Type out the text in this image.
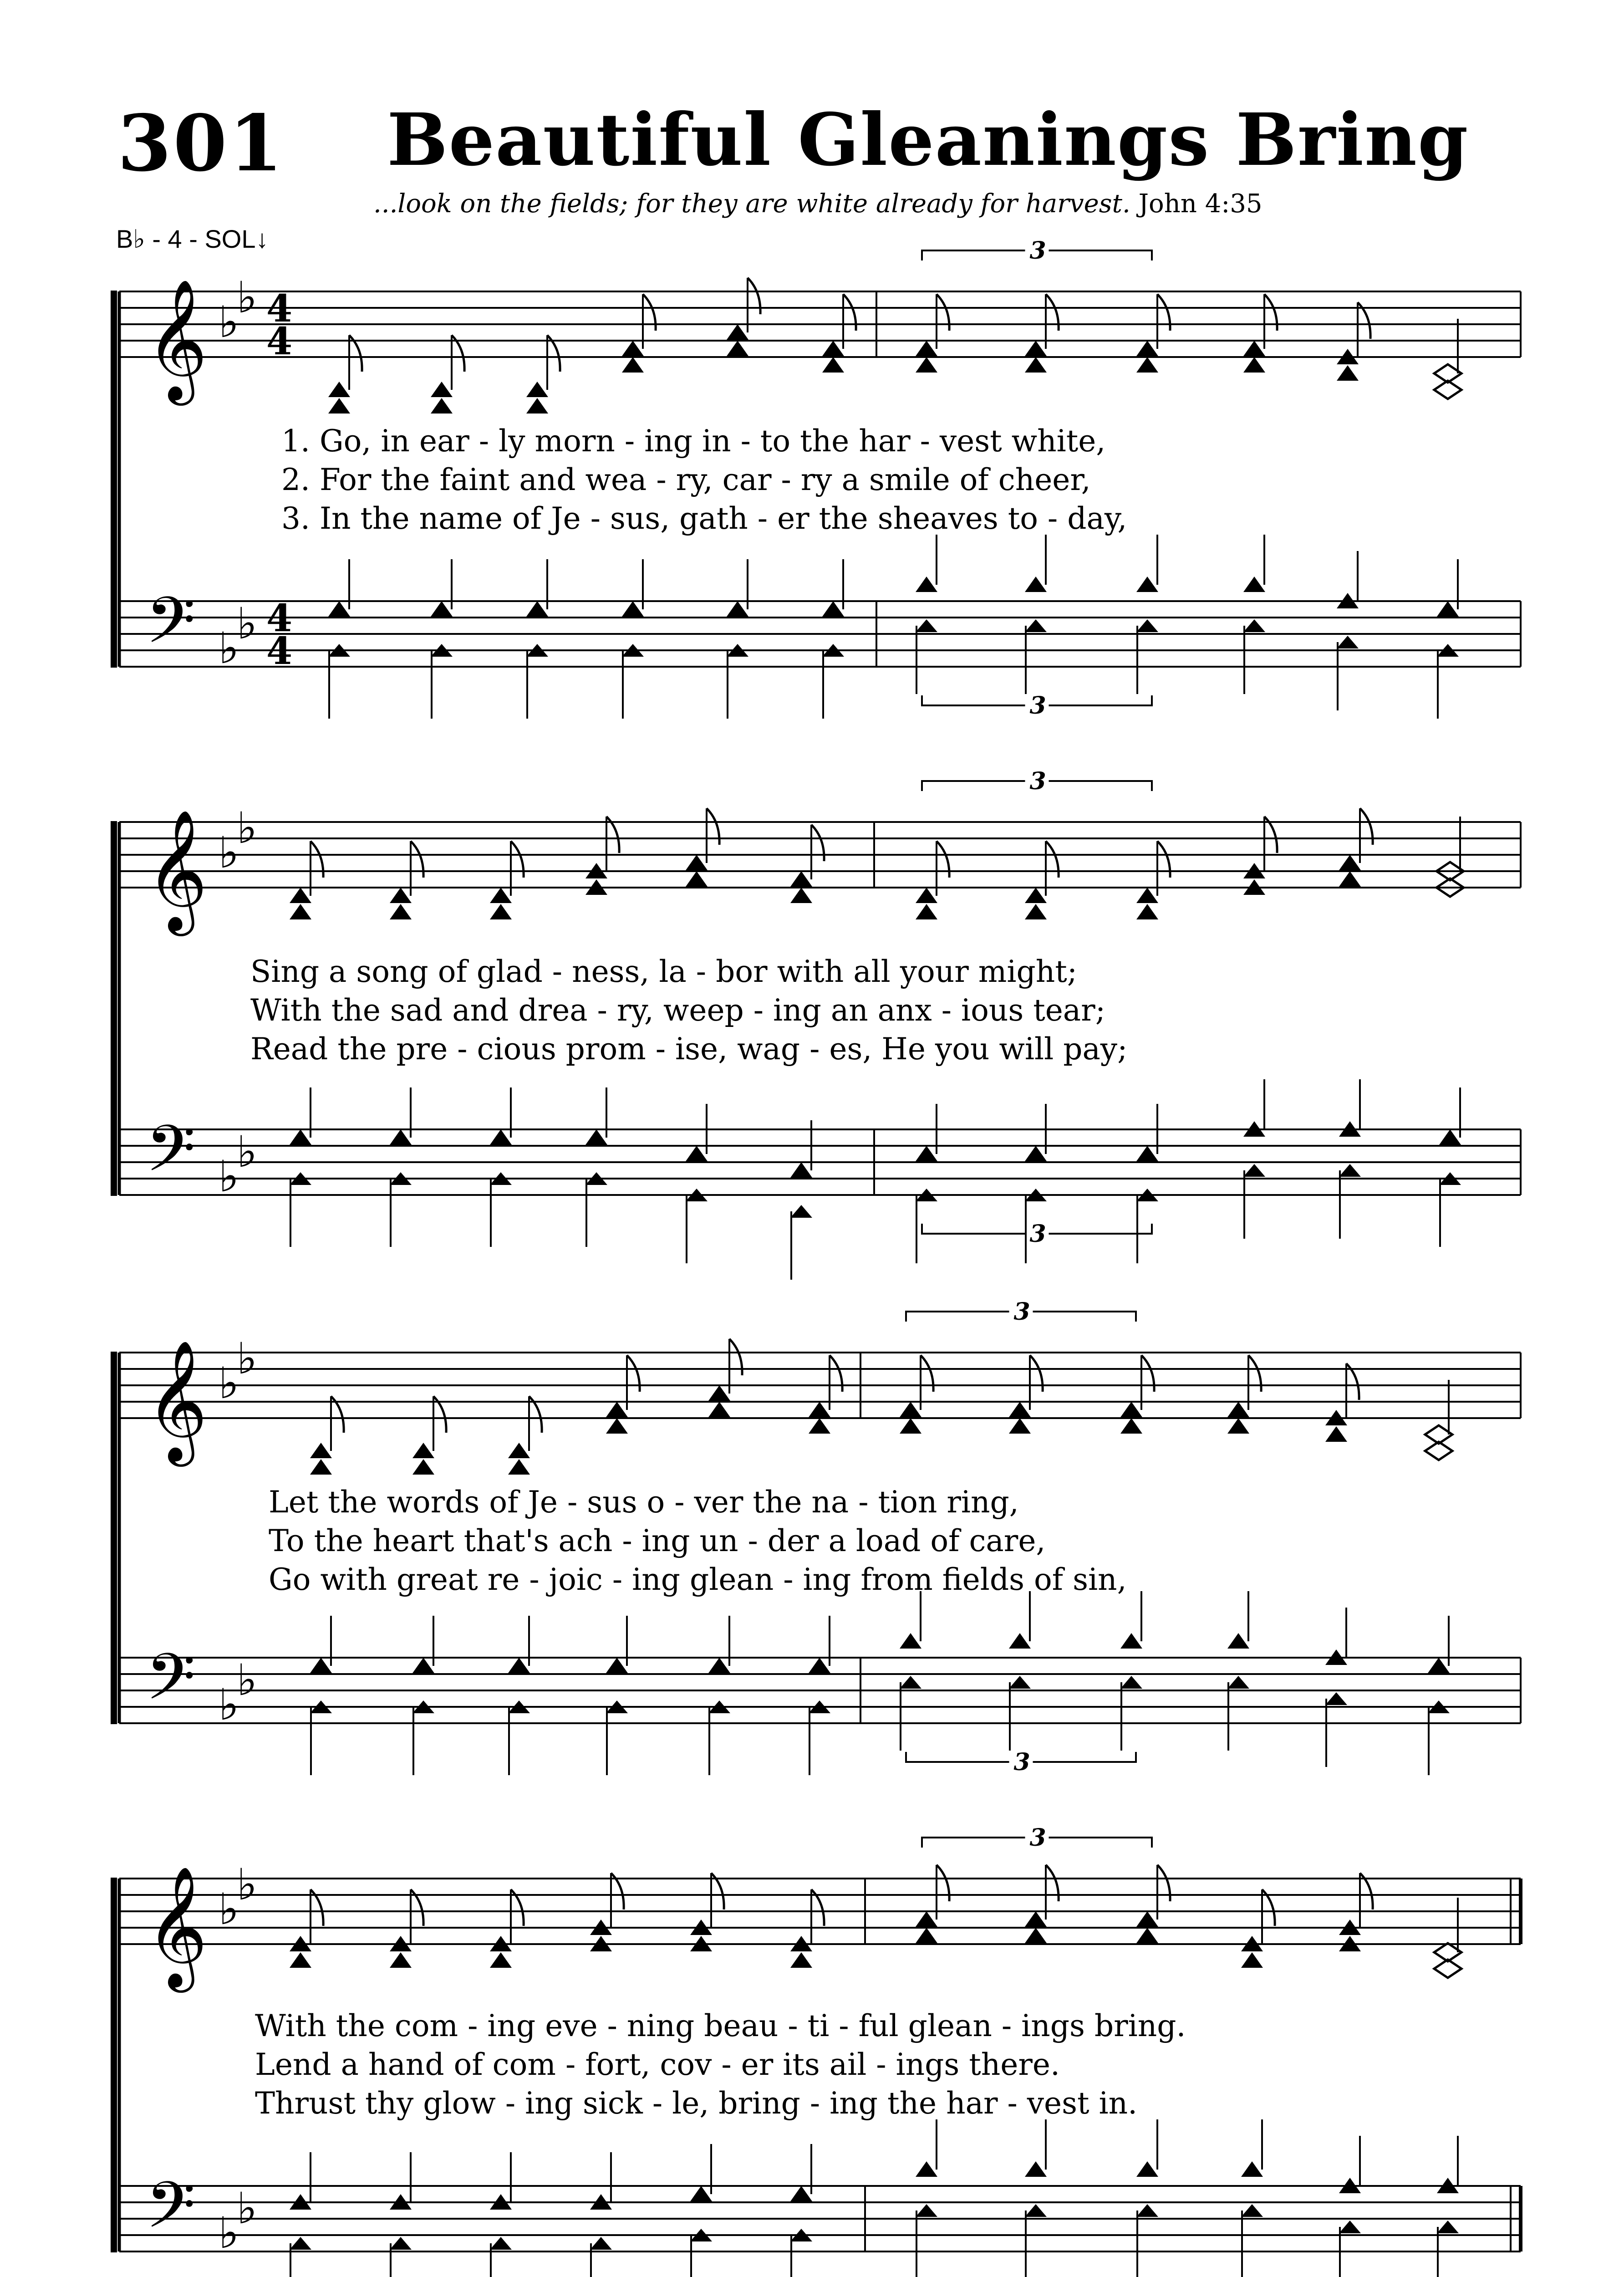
301 Beautiful Gleanings Bring
...look on the fields; for they are white already for harvest. John 4:35
B♭ - 4 - SOL↓
𝄞
𝄢
♭
♭
♭
♭
4
4
4
4
3
3
𝄞
𝄢
♭
♭
♭
♭
3
3
𝄞
𝄢
♭
♭
♭
♭
3
3
𝄞
𝄢
♭
♭
♭
♭
3
1. Go, in ear - ly morn - ing in - to the har - vest white,
2. For the faint and wea - ry, car - ry a smile of cheer,
3. In the name of Je - sus, gath - er the sheaves to - day,
Sing a song of glad - ness, la - bor with all your might;
With the sad and drea - ry, weep - ing an anx - ious tear;
Read the pre - cious prom - ise, wag - es, He you will pay;
Let the words of Je - sus o - ver the na - tion ring,
To the heart that's ach - ing un - der a load of care,
Go with great re - joic - ing glean - ing from fields of sin,
With the com - ing eve - ning beau - ti - ful glean - ings bring.
Lend a hand of com - fort, cov - er its ail - ings there.
Thrust thy glow - ing sick - le, bring - ing the har - vest in.
